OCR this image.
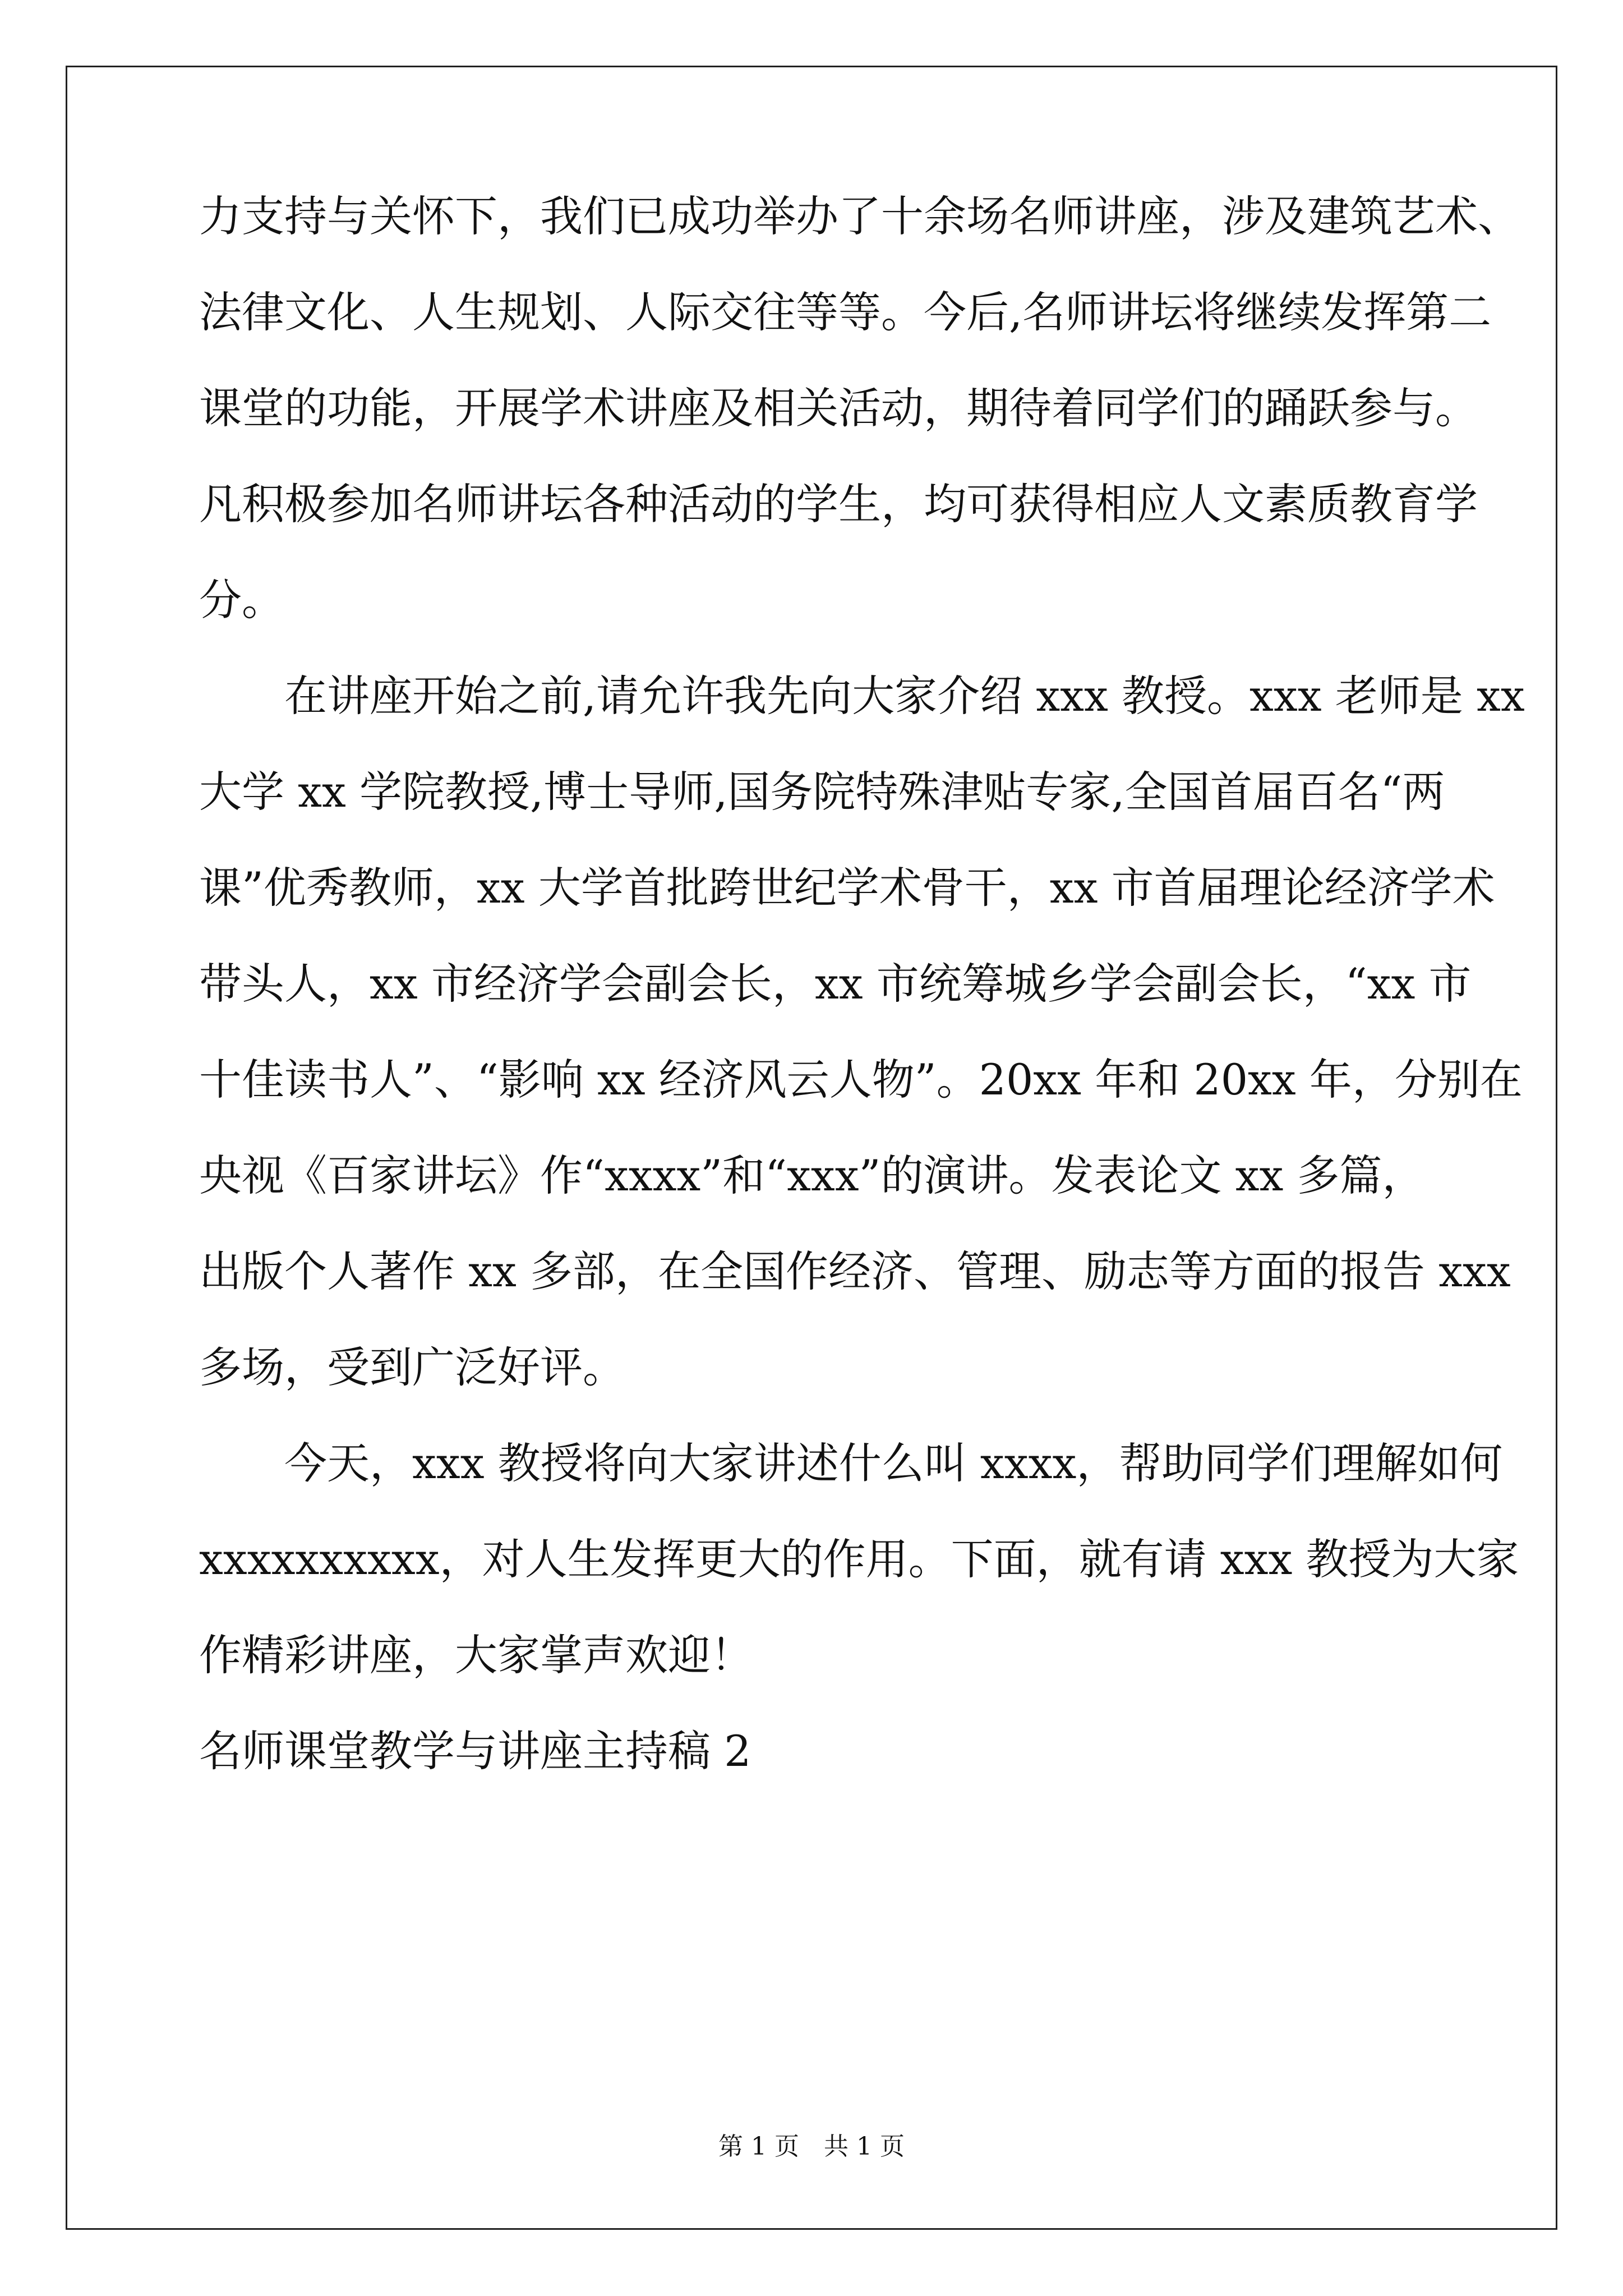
力支持与关怀下，我们已成功举办了十余场名师讲座，涉及建筑艺术、
法律文化、人生规划、人际交往等等。今后,名师讲坛将继续发挥第二
课堂的功能，开展学术讲座及相关活动，期待着同学们的踊跃参与。
凡积极参加名师讲坛各种活动的学生，均可获得相应人文素质教育学
分。
在讲座开始之前,请允许我先向大家介绍 xxx 教授。xxx 老师是 xx
大学 xx 学院教授,博士导师,国务院特殊津贴专家,全国首届百名“两
课”优秀教师，xx 大学首批跨世纪学术骨干，xx 市首届理论经济学术
带头人，xx 市经济学会副会长，xx 市统筹城乡学会副会长，“xx 市
十佳读书人”、“影响 xx 经济风云人物”。20xx 年和 20xx 年，分别在
央视《百家讲坛》作“xxxx”和“xxx”的演讲。发表论文 xx 多篇，
出版个人著作 xx 多部，在全国作经济、管理、励志等方面的报告 xxx
多场，受到广泛好评。
今天，xxx 教授将向大家讲述什么叫 xxxx，帮助同学们理解如何
xxxxxxxxxx，对人生发挥更大的作用。下面，就有请 xxx 教授为大家
作精彩讲座，大家掌声欢迎！
名师课堂教学与讲座主持稿 2
第 1 页　共 1 页
